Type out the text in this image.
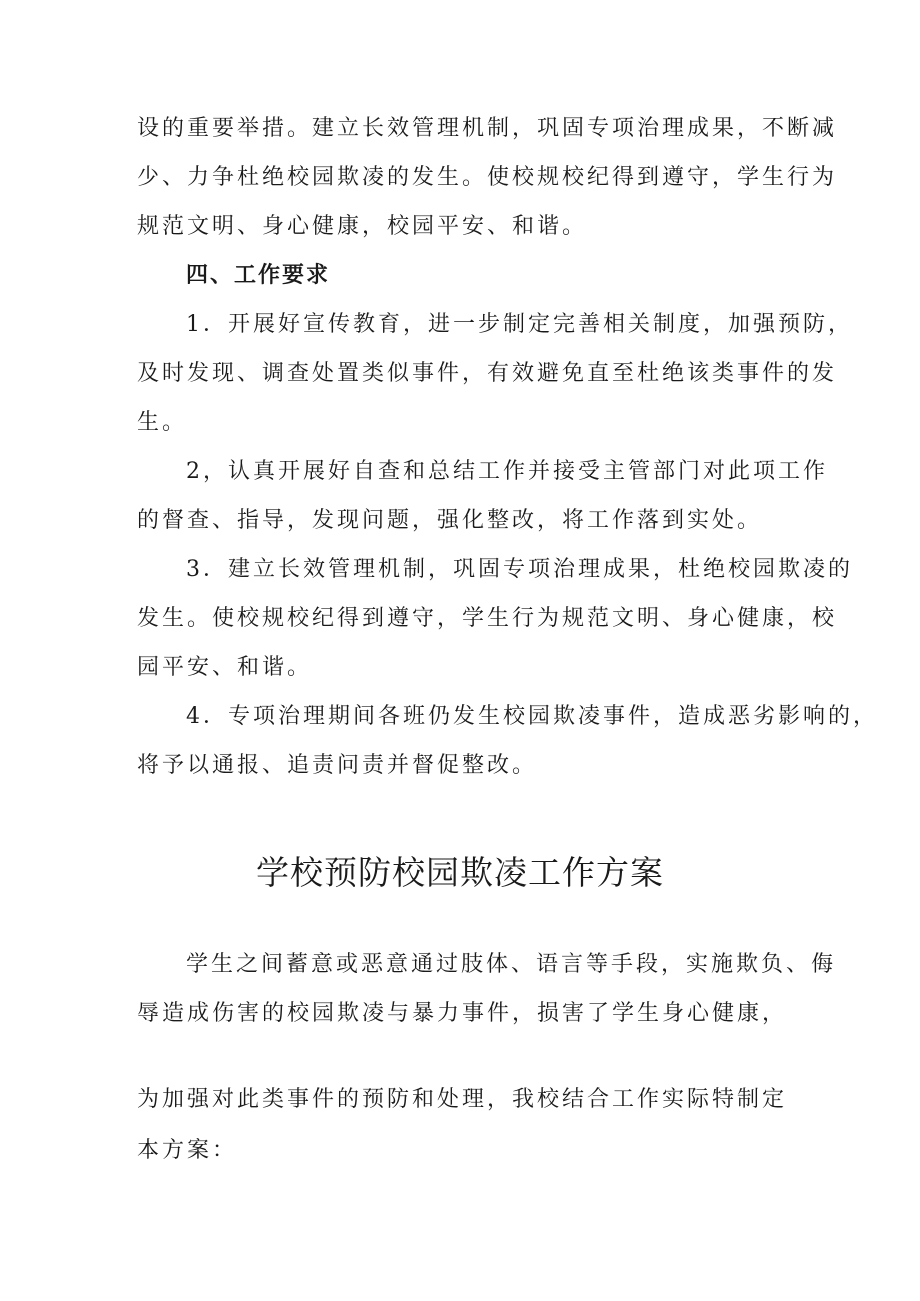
设的重要举措。建立长效管理机制，巩固专项治理成果，不断减
少、力争杜绝校园欺凌的发生。使校规校纪得到遵守，学生行为
规范文明、身心健康，校园平安、和谐。
四、工作要求
1．开展好宣传教育，进一步制定完善相关制度，加强预防，
及时发现、调查处置类似事件，有效避免直至杜绝该类事件的发
生。
2，认真开展好自查和总结工作并接受主管部门对此项工作
的督查、指导，发现问题，强化整改，将工作落到实处。
3．建立长效管理机制，巩固专项治理成果，杜绝校园欺凌的
发生。使校规校纪得到遵守，学生行为规范文明、身心健康，校
园平安、和谐。
4．专项治理期间各班仍发生校园欺凌事件，造成恶劣影响的，
将予以通报、追责问责并督促整改。
学校预防校园欺凌工作方案
学生之间蓄意或恶意通过肢体、语言等手段，实施欺负、侮
辱造成伤害的校园欺凌与暴力事件，损害了学生身心健康，
为加强对此类事件的预防和处理，我校结合工作实际特制定
本方案：
